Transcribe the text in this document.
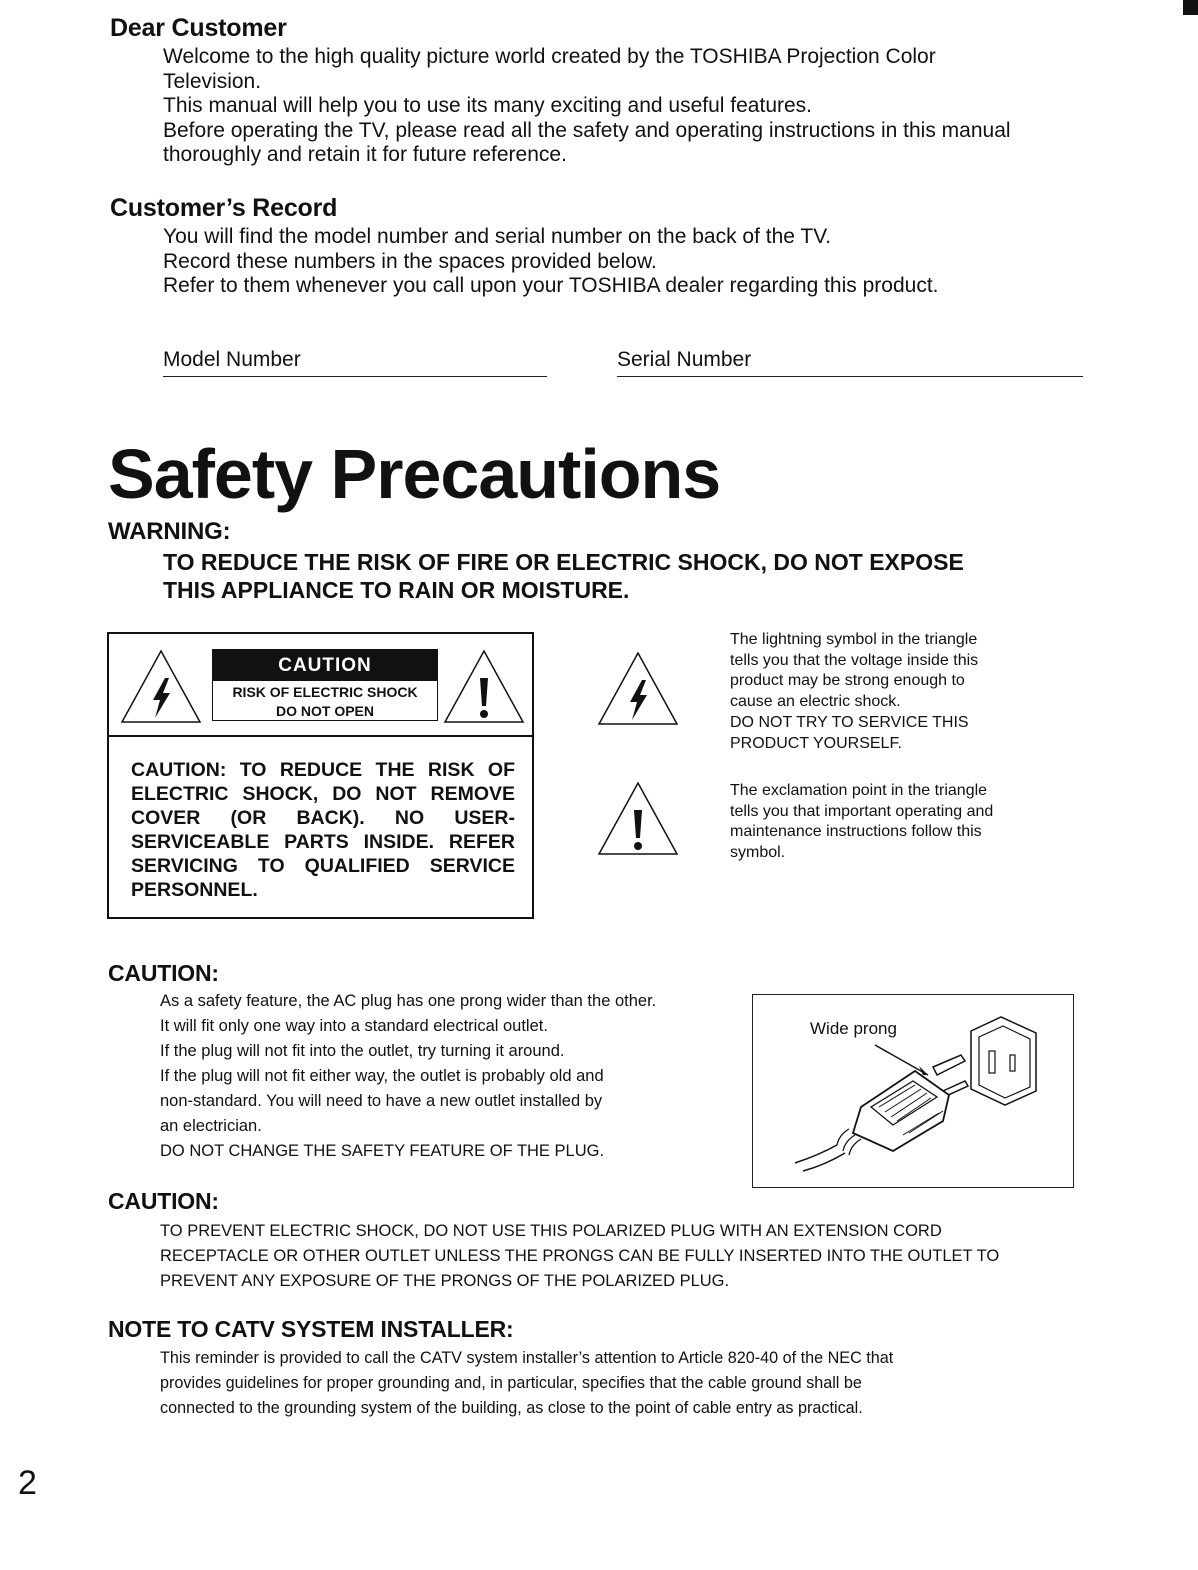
Dear Customer
Welcome to the high quality picture world created by the TOSHIBA Projection Color
Television.
This manual will help you to use its many exciting and useful features.
Before operating the TV, please read all the safety and operating instructions in this manual
thoroughly and retain it for future reference.
Customer’s Record
You will find the model number and serial number on the back of the TV.
Record these numbers in the spaces provided below.
Refer to them whenever you call upon your TOSHIBA dealer regarding this product.
Model Number	Serial Number
Safety Precautions
WARNING:
TO REDUCE THE RISK OF FIRE OR ELECTRIC SHOCK, DO NOT EXPOSE
THIS APPLIANCE TO RAIN OR MOISTURE.
CAUTION
RISK OF ELECTRIC SHOCK
DO NOT OPEN
CAUTION: TO REDUCE THE RISK OF
ELECTRIC SHOCK, DO NOT REMOVE
COVER (OR BACK). NO USER-
SERVICEABLE PARTS INSIDE. REFER
SERVICING TO QUALIFIED SERVICE
PERSONNEL.
The lightning symbol in the triangle
tells you that the voltage inside this
product may be strong enough to
cause an electric shock.
DO NOT TRY TO SERVICE THIS
PRODUCT YOURSELF.
The exclamation point in the triangle
tells you that important operating and
maintenance instructions follow this
symbol.
CAUTION:
As a safety feature, the AC plug has one prong wider than the other.
It will fit only one way into a standard electrical outlet.
If the plug will not fit into the outlet, try turning it around.
If the plug will not fit either way, the outlet is probably old and
non-standard. You will need to have a new outlet installed by
an electrician.
DO NOT CHANGE THE SAFETY FEATURE OF THE PLUG.
Wide prong
CAUTION:
TO PREVENT ELECTRIC SHOCK, DO NOT USE THIS POLARIZED PLUG WITH AN EXTENSION CORD
RECEPTACLE OR OTHER OUTLET UNLESS THE PRONGS CAN BE FULLY INSERTED INTO THE OUTLET TO
PREVENT ANY EXPOSURE OF THE PRONGS OF THE POLARIZED PLUG.
NOTE TO CATV SYSTEM INSTALLER:
This reminder is provided to call the CATV system installer’s attention to Article 820-40 of the NEC that
provides guidelines for proper grounding and, in particular, specifies that the cable ground shall be
connected to the grounding system of the building, as close to the point of cable entry as practical.
2
